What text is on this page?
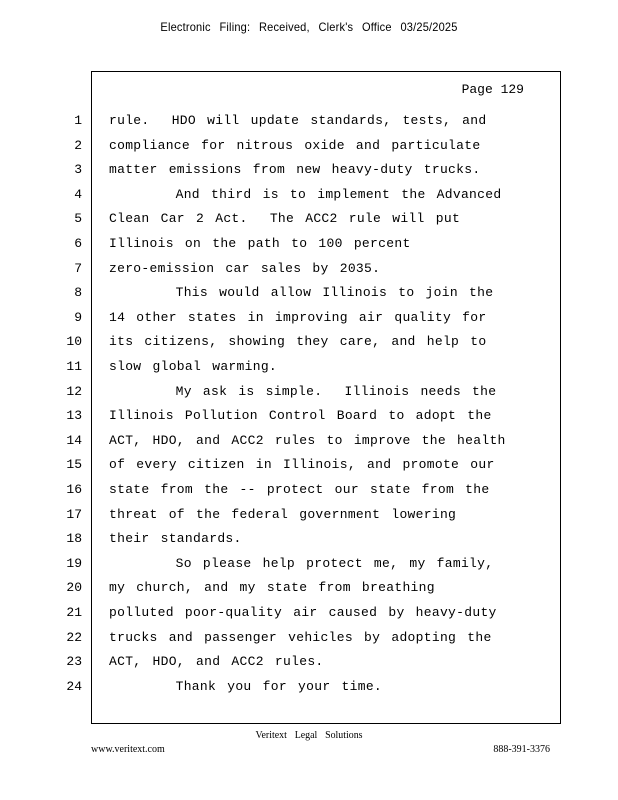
Electronic Filing: Received, Clerk's Office 03/25/2025
Page 129
1 rule.  HDO will update standards, tests, and
2 compliance for nitrous oxide and particulate
3 matter emissions from new heavy-duty trucks.
4 And third is to implement the Advanced
5 Clean Car 2 Act.  The ACC2 rule will put
6 Illinois on the path to 100 percent
7 zero-emission car sales by 2035.
8 This would allow Illinois to join the
9 14 other states in improving air quality for
10 its citizens, showing they care, and help to
11 slow global warming.
12 My ask is simple.  Illinois needs the
13 Illinois Pollution Control Board to adopt the
14 ACT, HDO, and ACC2 rules to improve the health
15 of every citizen in Illinois, and promote our
16 state from the -- protect our state from the
17 threat of the federal government lowering
18 their standards.
19 So please help protect me, my family,
20 my church, and my state from breathing
21 polluted poor-quality air caused by heavy-duty
22 trucks and passenger vehicles by adopting the
23 ACT, HDO, and ACC2 rules.
24 Thank you for your time.
Veritext Legal Solutions
www.veritext.com	888-391-3376
